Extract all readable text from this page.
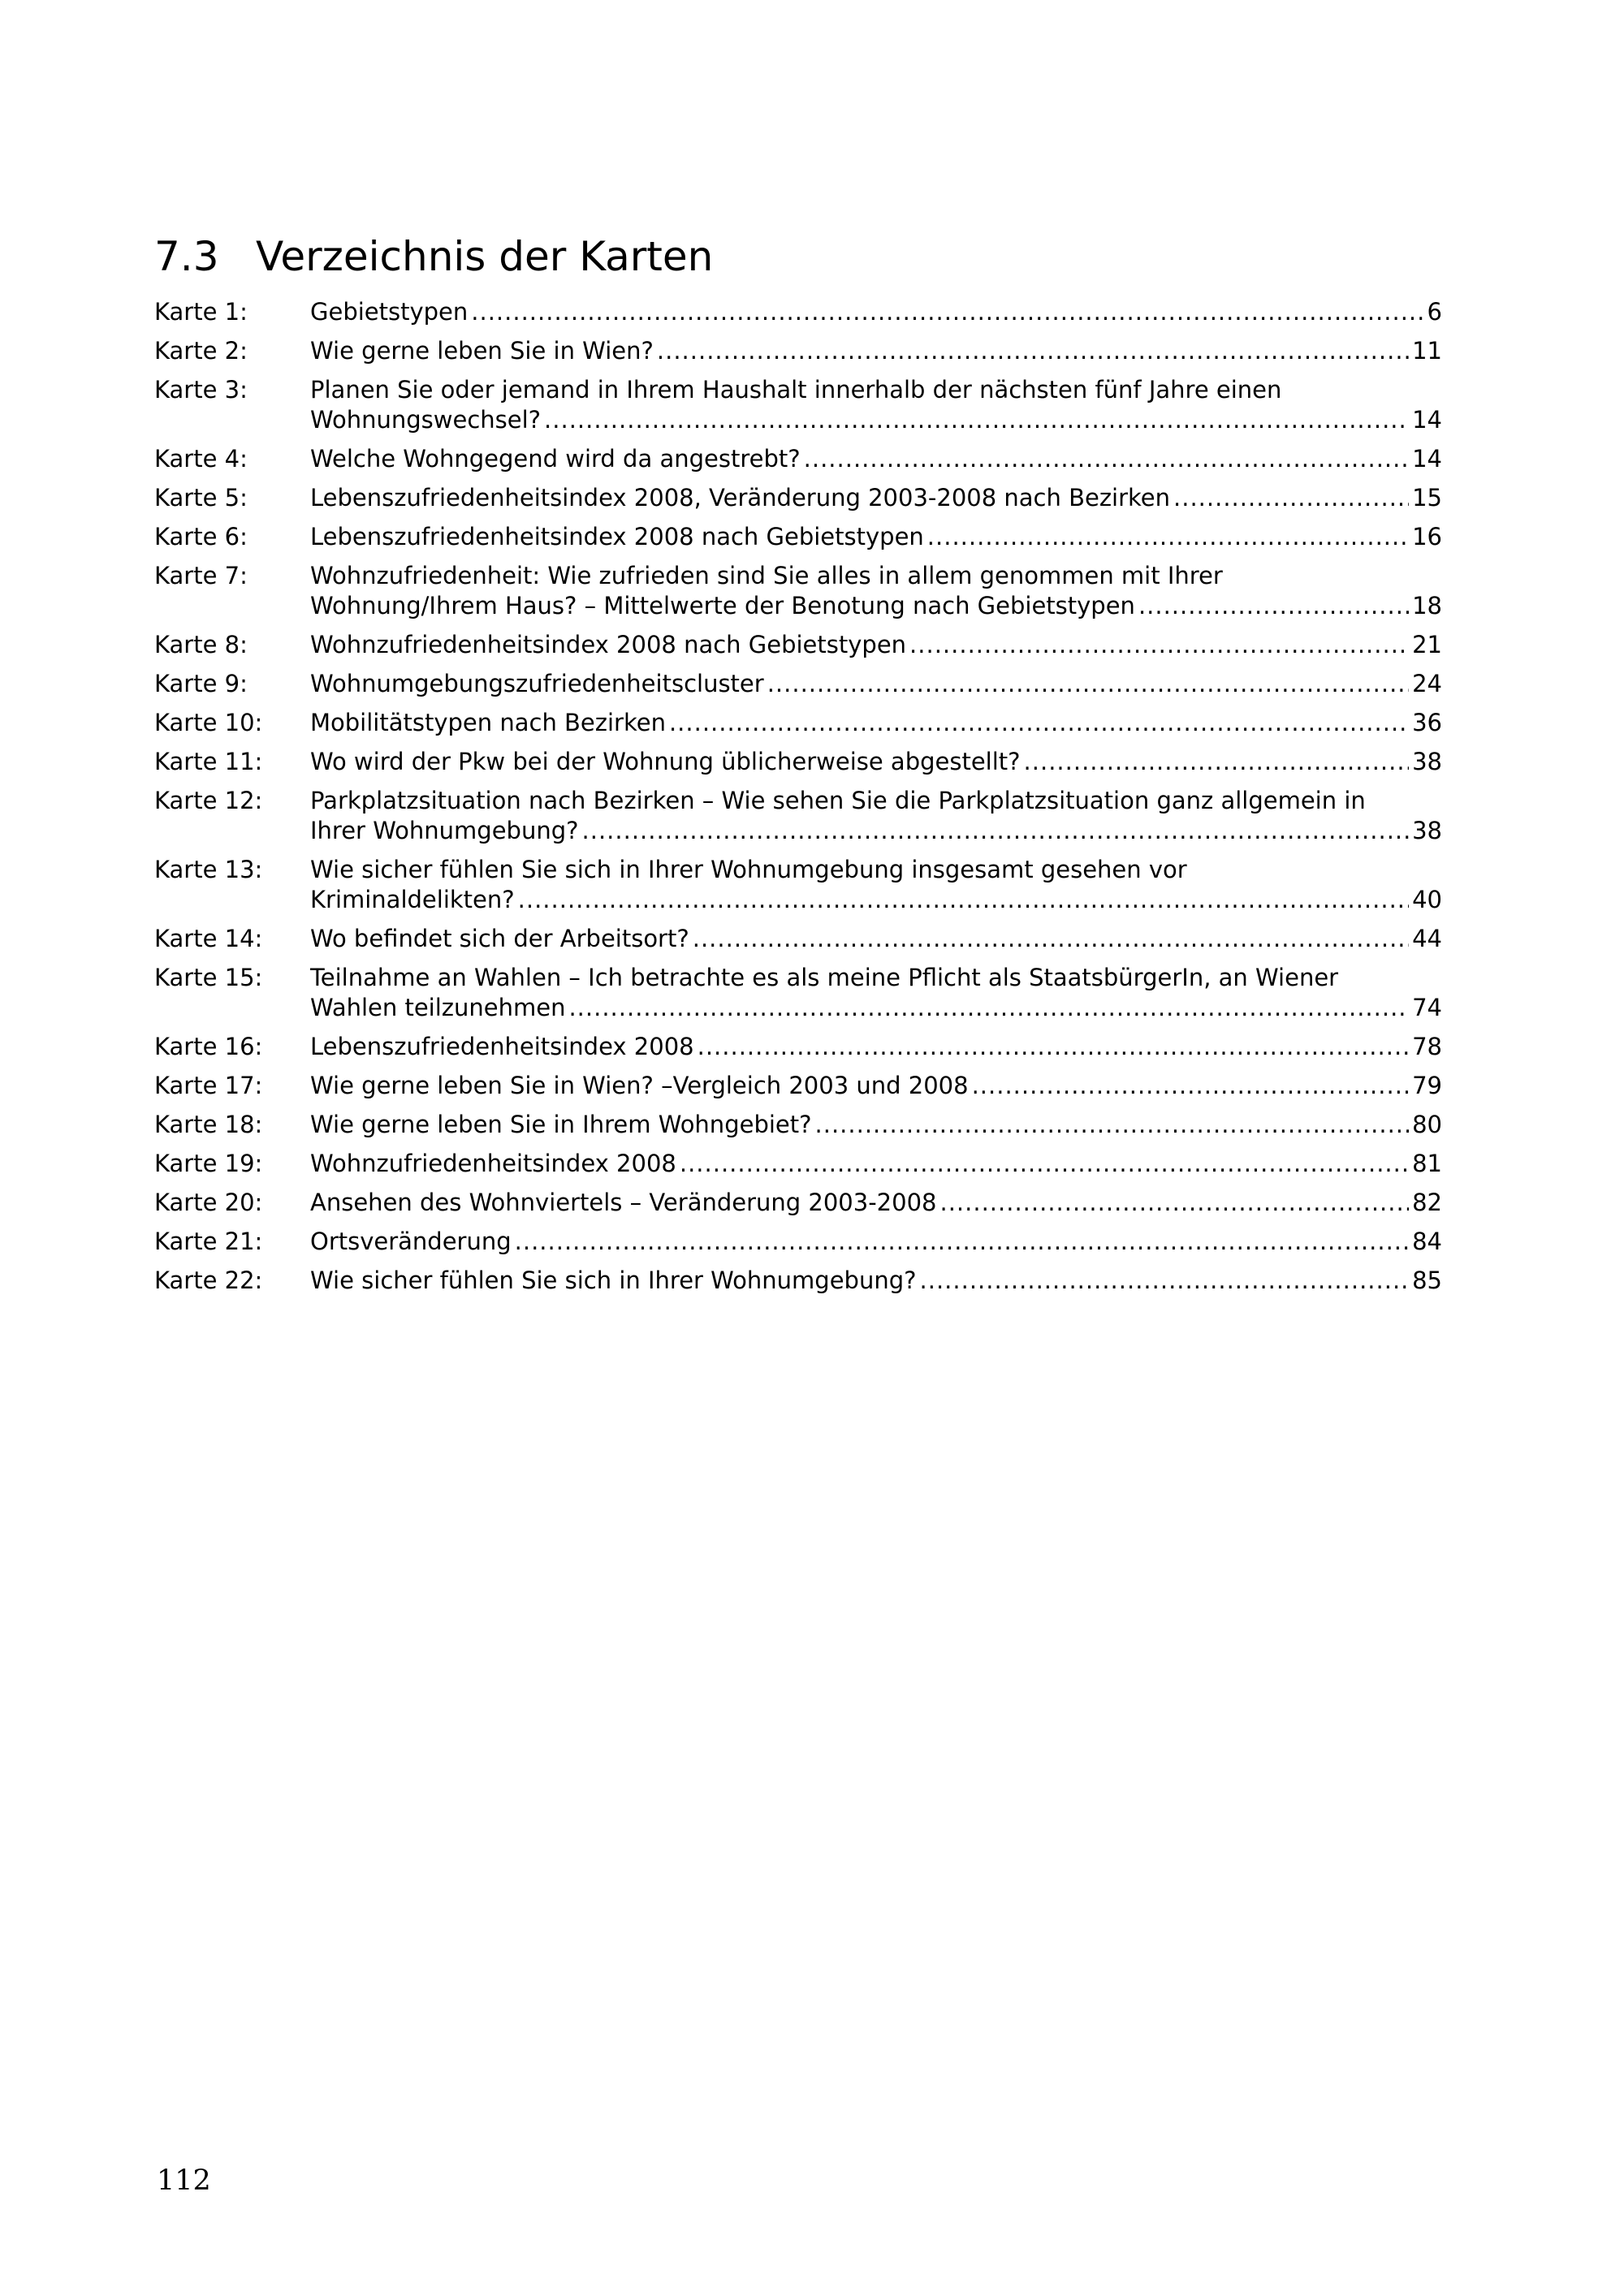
7.3 Verzeichnis der Karten
Karte 1:	Gebietstypen .....	6
Karte 2:	Wie gerne leben Sie in Wien? .....	11
Karte 3:	Planen Sie oder jemand in Ihrem Haushalt innerhalb der nächsten fünf Jahre einen
Wohnungswechsel? .....	14
Karte 4:	Welche Wohngegend wird da angestrebt? .....	14
Karte 5:	Lebenszufriedenheitsindex 2008, Veränderung 2003-2008 nach Bezirken .....	15
Karte 6:	Lebenszufriedenheitsindex 2008 nach Gebietstypen .....	16
Karte 7:	Wohnzufriedenheit: Wie zufrieden sind Sie alles in allem genommen mit Ihrer
Wohnung/Ihrem Haus? – Mittelwerte der Benotung nach Gebietstypen .....	18
Karte 8:	Wohnzufriedenheitsindex 2008 nach Gebietstypen .....	21
Karte 9:	Wohnumgebungszufriedenheitscluster .....	24
Karte 10:	Mobilitätstypen nach Bezirken .....	36
Karte 11:	Wo wird der Pkw bei der Wohnung üblicherweise abgestellt? .....	38
Karte 12:	Parkplatzsituation nach Bezirken – Wie sehen Sie die Parkplatzsituation ganz allgemein in
Ihrer Wohnumgebung? .....	38
Karte 13:	Wie sicher fühlen Sie sich in Ihrer Wohnumgebung insgesamt gesehen vor
Kriminaldelikten? .....	40
Karte 14:	Wo befindet sich der Arbeitsort? .....	44
Karte 15:	Teilnahme an Wahlen – Ich betrachte es als meine Pflicht als StaatsbürgerIn, an Wiener
Wahlen teilzunehmen .....	74
Karte 16:	Lebenszufriedenheitsindex 2008 .....	78
Karte 17:	Wie gerne leben Sie in Wien? –Vergleich 2003 und 2008 .....	79
Karte 18:	Wie gerne leben Sie in Ihrem Wohngebiet? .....	80
Karte 19:	Wohnzufriedenheitsindex 2008 .....	81
Karte 20:	Ansehen des Wohnviertels – Veränderung 2003-2008 .....	82
Karte 21:	Ortsveränderung .....	84
Karte 22:	Wie sicher fühlen Sie sich in Ihrer Wohnumgebung? .....	85
112
